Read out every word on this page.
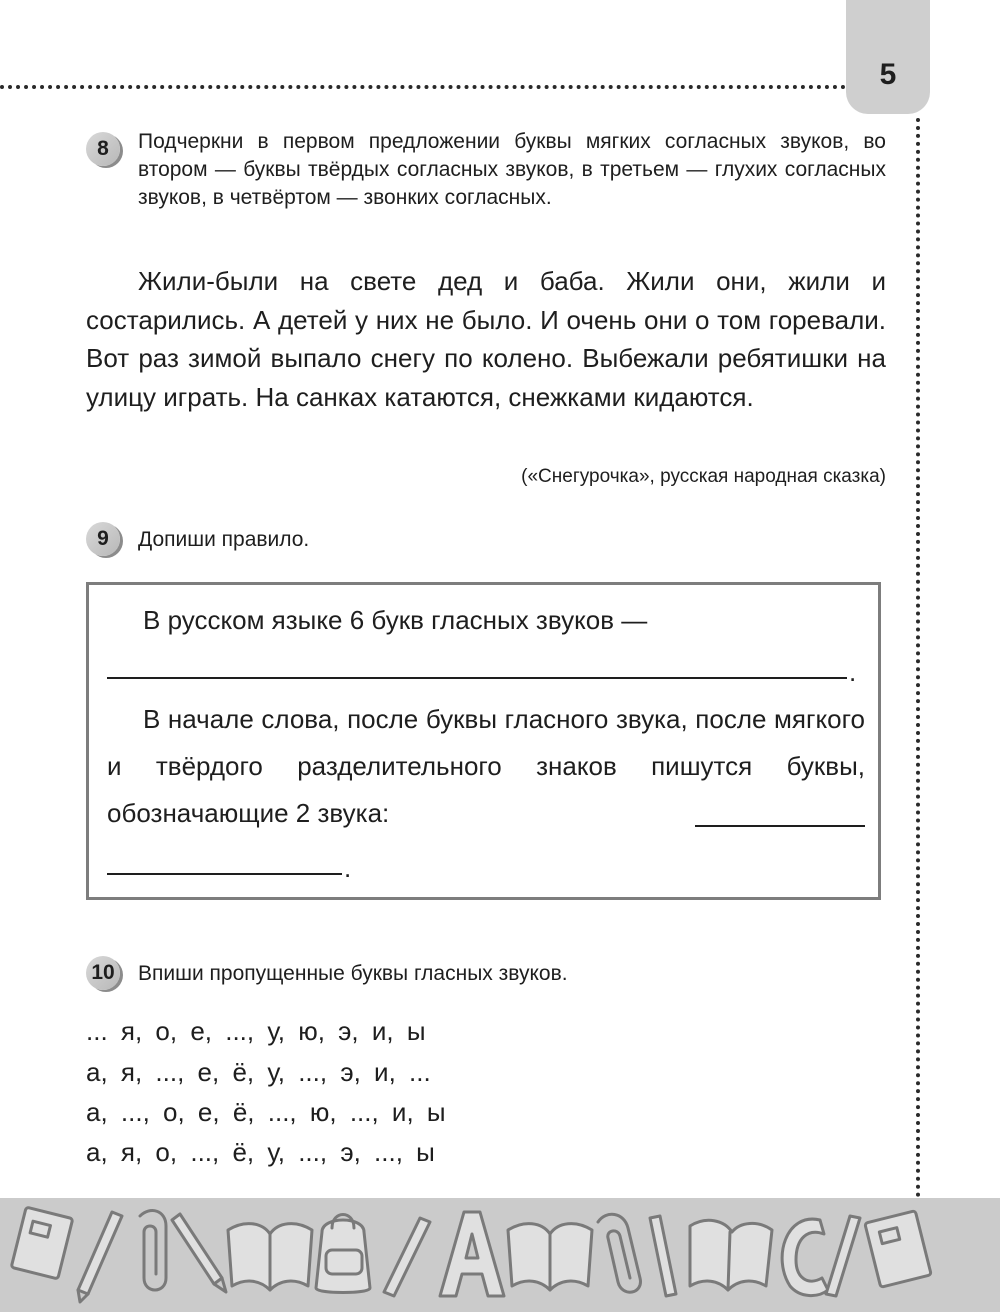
5
8	Подчеркни в первом предложении буквы мягких согласных звуков, во втором — буквы твёрдых согласных звуков, в третьем — глухих согласных звуков, в четвёртом — звонких согласных.

Жили-были на свете дед и баба. Жили они, жили и состарились. А детей у них не было. И очень они о том горевали. Вот раз зимой выпало снегу по колено. Выбежали ребятишки на улицу играть. На санках катаются, снежками кидаются.

(«Снегурочка», русская народная сказка)
9	Допиши правило.

В русском языке 6 букв гласных звуков —

.

В начале слова, после буквы гласного звука, после мягкого и твёрдого разделительного знаков пишутся буквы, обозначающие 2 звука:

.
10 Впиши пропущенные буквы гласных звуков.

... я, о, е, ..., у, ю, э, и, ы
а, я, ..., е, ё, у, ..., э, и, ...
а, ..., о, е, ё, ..., ю, ..., и, ы
а, я, о, ..., ё, у, ..., э, ..., ы
